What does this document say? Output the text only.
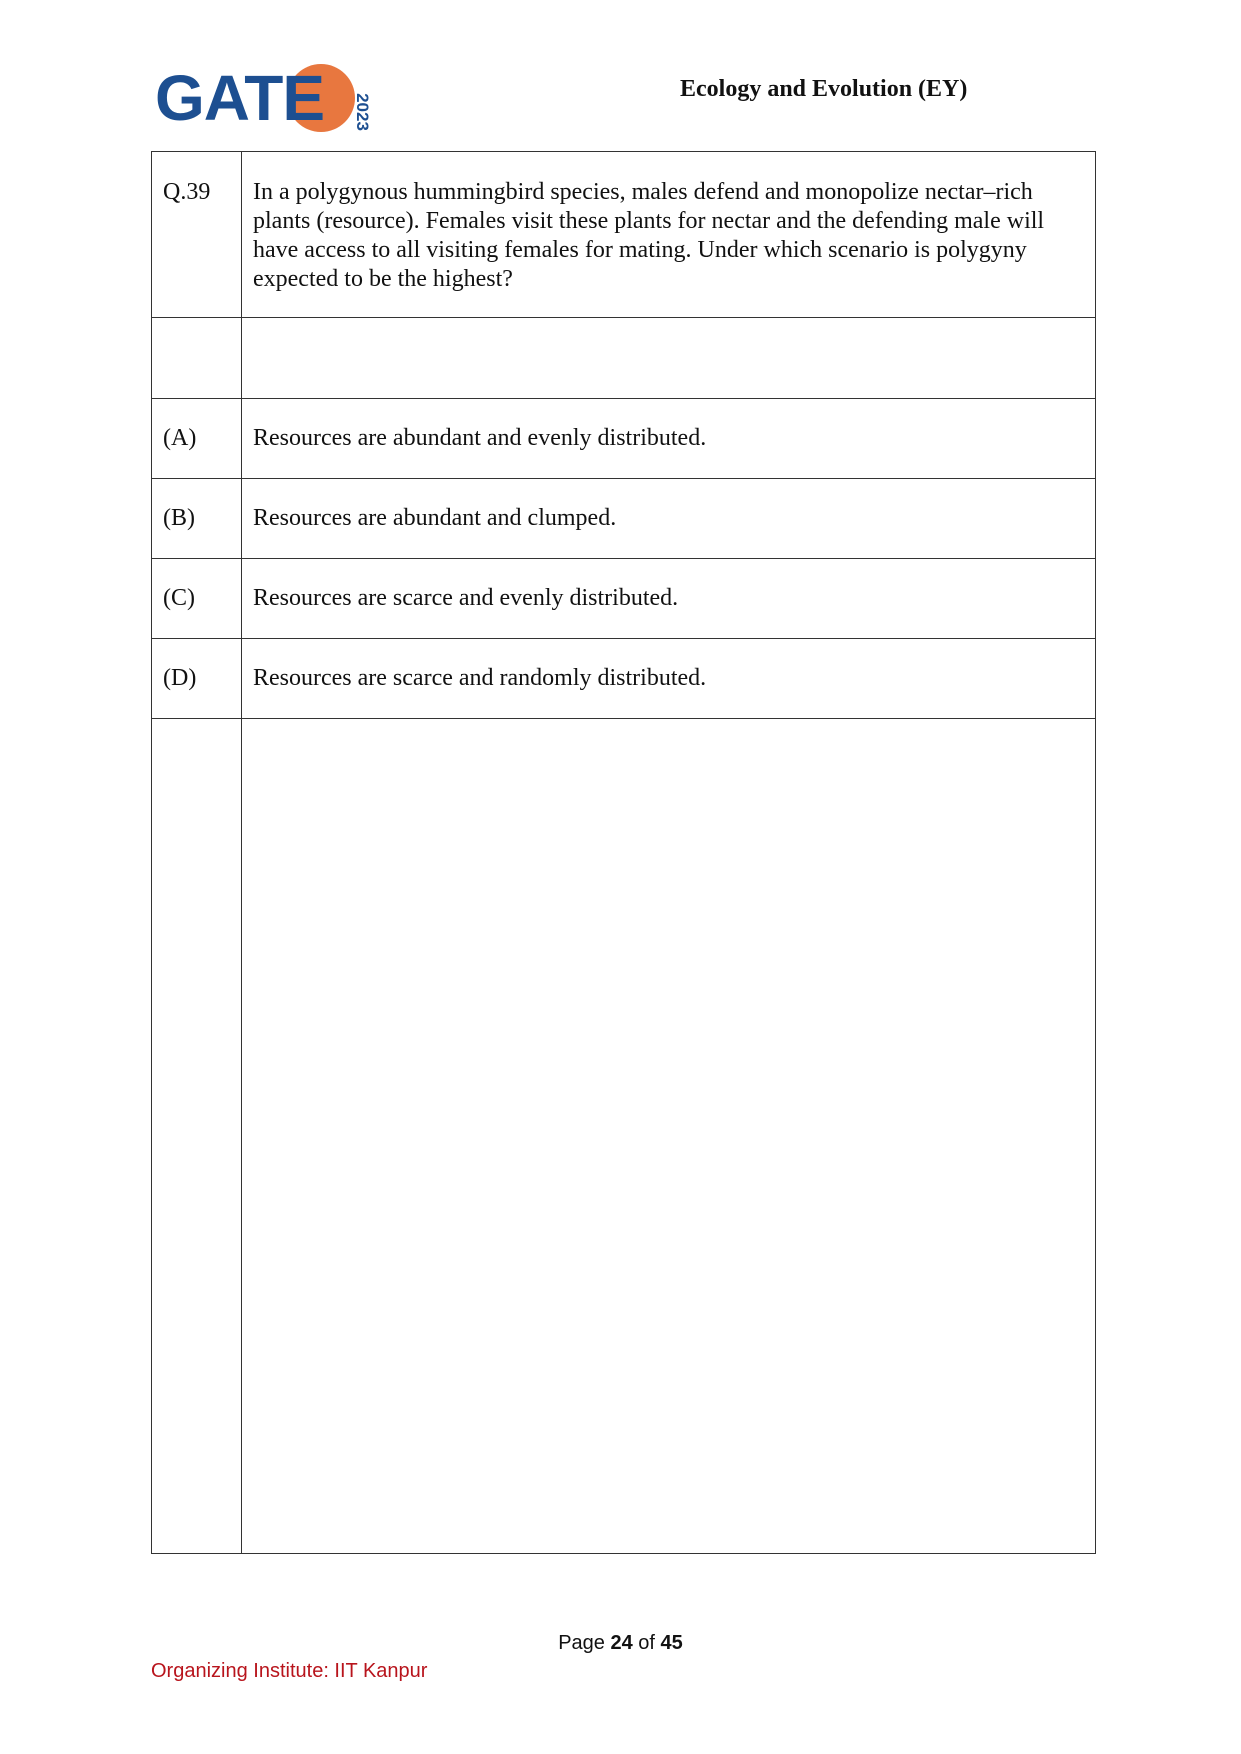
GATE 2023
Ecology and Evolution (EY)
Q.39	In a polygynous hummingbird species, males defend and monopolize nectar–rich plants (resource). Females visit these plants for nectar and the defending male will have access to all visiting females for mating. Under which scenario is polygyny expected to be the highest?

(A)	Resources are abundant and evenly distributed.
(B)	Resources are abundant and clumped.
(C)	Resources are scarce and evenly distributed.
(D)	Resources are scarce and randomly distributed.

Page 24 of 45
Organizing Institute: IIT Kanpur
